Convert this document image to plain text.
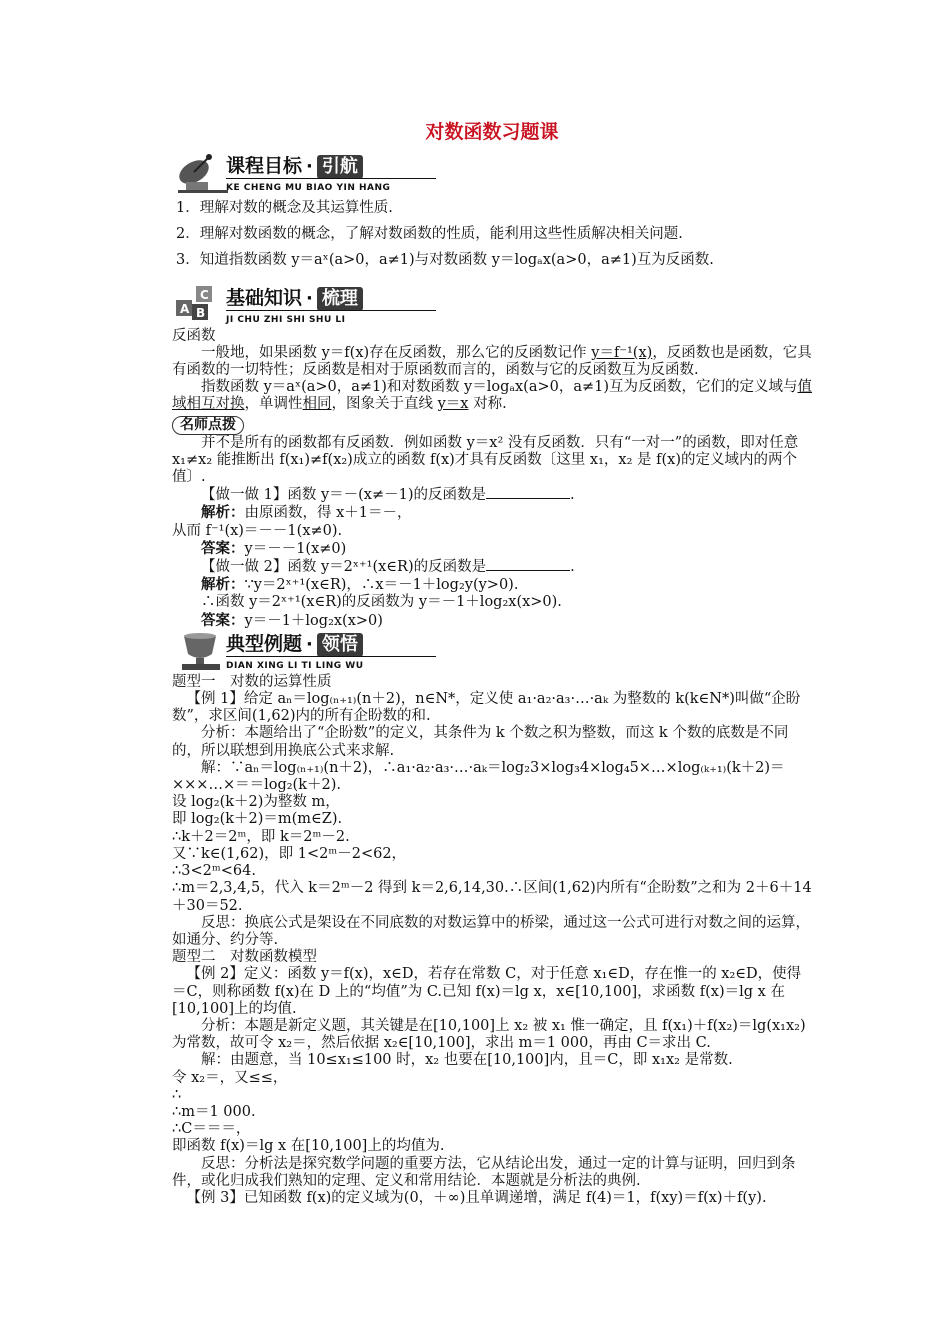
对数函数习题课
课程目标 · 引航
KE CHENG MU BIAO YIN HANG

1．理解对数的概念及其运算性质.

2．理解对数函数的概念，了解对数函数的性质，能利用这些性质解决相关问题.

3．知道指数函数 y＝aˣ(a>0，a≠1)与对数函数 y＝logₐx(a>0，a≠1)互为反函数.

A B
C 基础知识 · 梳理
JI CHU ZHI SHI SHU LI

反函数

一般地，如果函数 y＝f(x)存在反函数，那么它的反函数记作 y＝f⁻¹(x)，反函数也是函数，它具有函数的一切特性；反函数是相对于原函数而言的，函数与它的反函数互为反函数.

指数函数 y＝aˣ(a>0，a≠1)和对数函数 y＝logₐx(a>0，a≠1)互为反函数，它们的定义域与值域相互对换，单调性相同，图象关于直线 y＝x 对称.

名师点拨

并不是所有的函数都有反函数．例如函数 y＝x² 没有反函数．只有“一对一”的函数，即对任意 x₁≠x₂ 能推断出 f(x₁)≠f(x₂)成立的函数 f(x)才具有反函数〔这里 x₁，x₂ 是 f(x)的定义域内的两个值〕.

【做一做 1】函数 y＝－(x≠－1)的反函数是	.

解析：由原函数，得 x＋1＝－，

从而 f⁻¹(x)＝－－1(x≠0).

答案：y＝－－1(x≠0)

【做一做 2】函数 y＝2ˣ⁺¹(x∈R)的反函数是	.

解析：∵y＝2ˣ⁺¹(x∈R)，∴x＝－1＋log₂y(y>0).

∴函数 y＝2ˣ⁺¹(x∈R)的反函数为 y＝－1＋log₂x(x>0).

答案：y＝－1＋log₂x(x>0)

典型例题 · 领悟
DIAN XING LI TI LING WU

题型一　对数的运算性质

【例 1】给定 aₙ＝log₍ₙ₊₁₎(n＋2)，n∈N*，定义使 a₁·a₂·a₃·…·aₖ 为整数的 k(k∈N*)叫做“企盼数”，求区间(1,62)内的所有企盼数的和.

分析：本题给出了“企盼数”的定义，其条件为 k 个数之积为整数，而这 k 个数的底数是不同的，所以联想到用换底公式来求解.

解：∵aₙ＝log₍ₙ₊₁₎(n＋2)，∴a₁·a₂·a₃·…·aₖ＝log₂3×log₃4×log₄5×…×log₍ₖ₊₁₎(k＋2)＝×××…×＝＝log₂(k＋2).

设 log₂(k＋2)为整数 m，

即 log₂(k＋2)＝m(m∈Z).

∴k＋2＝2ᵐ，即 k＝2ᵐ－2.

又∵k∈(1,62)，即 1<2ᵐ－2<62，

∴3<2ᵐ<64.

∴m＝2,3,4,5，代入 k＝2ᵐ－2 得到 k＝2,6,14,30.∴区间(1,62)内所有“企盼数”之和为 2＋6＋14＋30＝52.

反思：换底公式是架设在不同底数的对数运算中的桥梁，通过这一公式可进行对数之间的运算，如通分、约分等.

题型二　对数函数模型

【例 2】定义：函数 y＝f(x)，x∈D，若存在常数 C，对于任意 x₁∈D，存在惟一的 x₂∈D，使得＝C，则称函数 f(x)在 D 上的“均值”为 C.已知 f(x)＝lg x，x∈[10,100]，求函数 f(x)＝lg x 在[10,100]上的均值.

分析：本题是新定义题，其关键是在[10,100]上 x₂ 被 x₁ 惟一确定，且 f(x₁)＋f(x₂)＝lg(x₁x₂)为常数，故可令 x₂＝，然后依据 x₂∈[10,100]，求出 m＝1 000，再由 C＝求出 C.

解：由题意，当 10≤x₁≤100 时，x₂ 也要在[10,100]内，且＝C，即 x₁x₂ 是常数.

令 x₂＝，又≤≤，

∴

∴m＝1 000.

∴C＝＝＝，

即函数 f(x)＝lg x 在[10,100]上的均值为.

反思：分析法是探究数学问题的重要方法，它从结论出发，通过一定的计算与证明，回归到条件，或化归成我们熟知的定理、定义和常用结论．本题就是分析法的典例.

【例 3】已知函数 f(x)的定义域为(0，＋∞)且单调递增，满足 f(4)＝1，f(xy)＝f(x)＋f(y).
